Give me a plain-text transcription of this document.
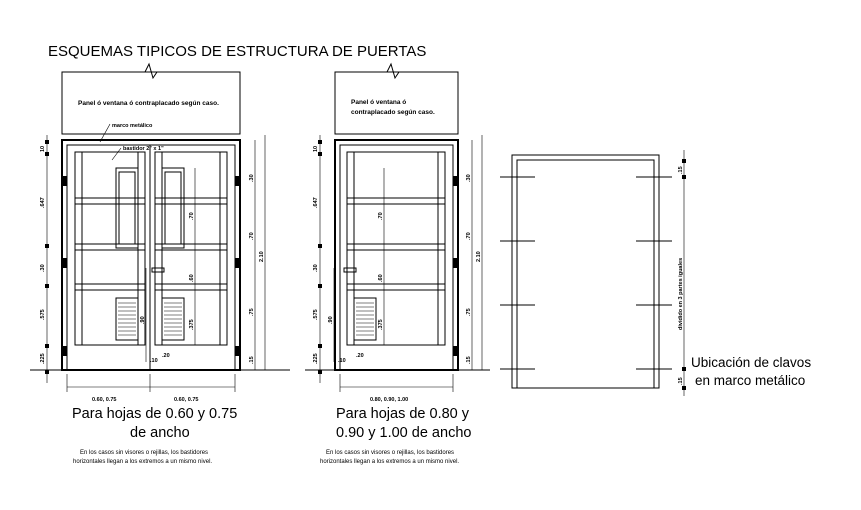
ESQUEMAS TIPICOS DE ESTRUCTURA DE PUERTAS
Panel ó ventana ó contraplacado según caso.
marco metálico
bastidor 2" x 1"
10
.647
.30
.575
.225
.70
.60
.90	.375
.10
.20
.30
.70
2.10
.75
.15
0.60, 0.75	0.60, 0.75
Para hojas de 0.60 y 0.75
de ancho
En los casos sin visores o rejillas, los bastidores
horizontales llegan a los extremos a un mismo nivel.
Panel ó ventana ó
contraplacado según caso.
10
.647
.30
.575
.225
.70
.60
.90	.375
.10
.20
.30
.70
2.10
.75
.15
0.80, 0.90, 1.00
Para hojas de 0.80 y
0.90 y 1.00 de ancho
En los casos sin visores o rejillas, los bastidores
horizontales llegan a los extremos a un mismo nivel.
.15
dividido en 3 partes iguales
.15
Ubicación de clavos
en marco metálico
